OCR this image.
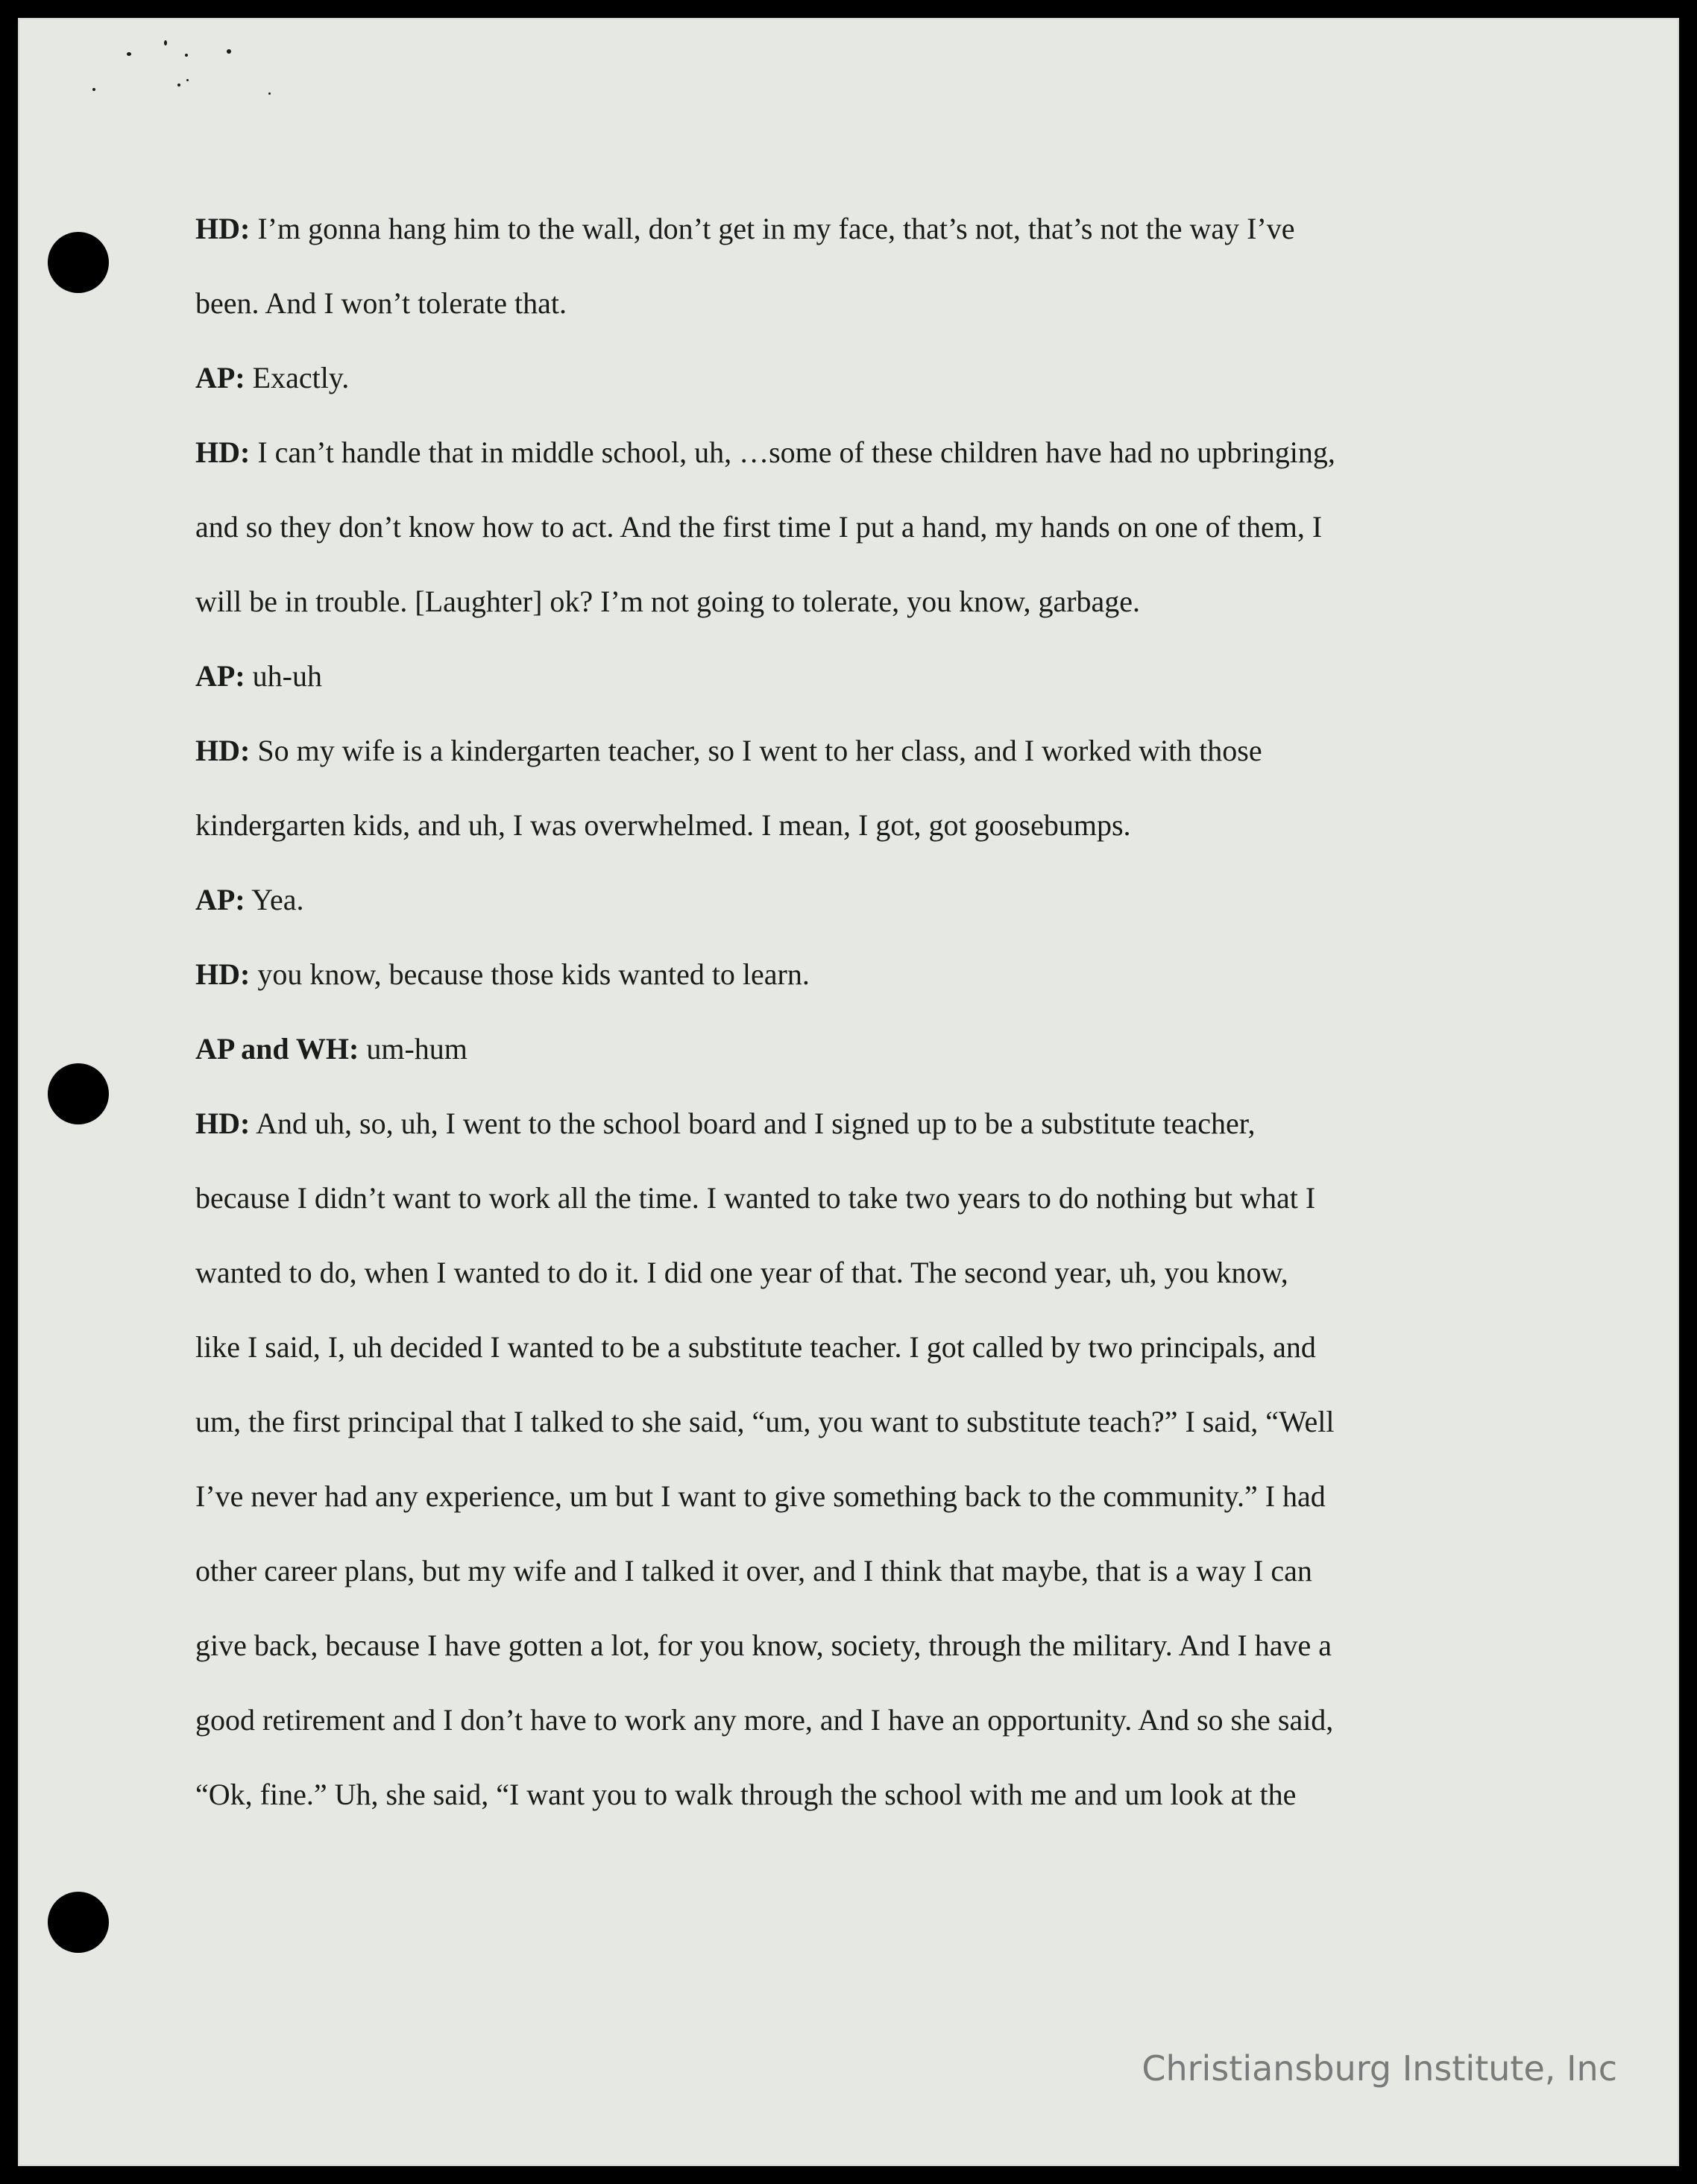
HD: I’m gonna hang him to the wall, don’t get in my face, that’s not, that’s not the way I’ve
been. And I won’t tolerate that.
AP: Exactly.
HD: I can’t handle that in middle school, uh, …some of these children have had no upbringing,
and so they don’t know how to act. And the first time I put a hand, my hands on one of them, I
will be in trouble. [Laughter] ok? I’m not going to tolerate, you know, garbage.
AP: uh-uh
HD: So my wife is a kindergarten teacher, so I went to her class, and I worked with those
kindergarten kids, and uh, I was overwhelmed. I mean, I got, got goosebumps.
AP: Yea.
HD: you know, because those kids wanted to learn.
AP and WH: um-hum
HD: And uh, so, uh, I went to the school board and I signed up to be a substitute teacher,
because I didn’t want to work all the time. I wanted to take two years to do nothing but what I
wanted to do, when I wanted to do it. I did one year of that. The second year, uh, you know,
like I said, I, uh decided I wanted to be a substitute teacher. I got called by two principals, and
um, the first principal that I talked to she said, “um, you want to substitute teach?” I said, “Well
I’ve never had any experience, um but I want to give something back to the community.” I had
other career plans, but my wife and I talked it over, and I think that maybe, that is a way I can
give back, because I have gotten a lot, for you know, society, through the military. And I have a
good retirement and I don’t have to work any more, and I have an opportunity. And so she said,
“Ok, fine.” Uh, she said, “I want you to walk through the school with me and um look at the
Christiansburg Institute, Inc
